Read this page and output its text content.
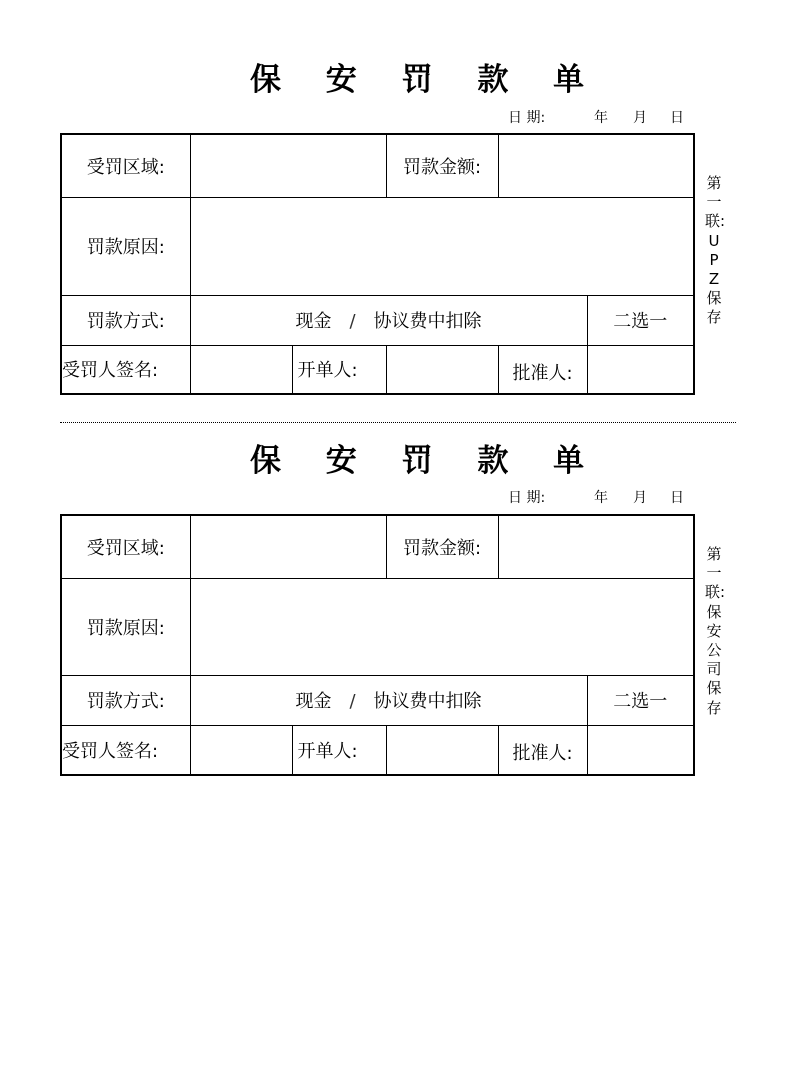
保 安 罚 款 单
日 期:	年 月 日
受罚区域:			罚款金额:		
罚款原因:					
罚款方式:	现金 / 协议费中扣除				二选一
受罚人签名:		开单人:		批准人:	
第一联:UPZ保存
保 安 罚 款 单
日 期:	年 月 日
受罚区域:			罚款金额:		
罚款原因:					
罚款方式:	现金 / 协议费中扣除				二选一
受罚人签名:		开单人:		批准人:	
第一联:保安公司保存
